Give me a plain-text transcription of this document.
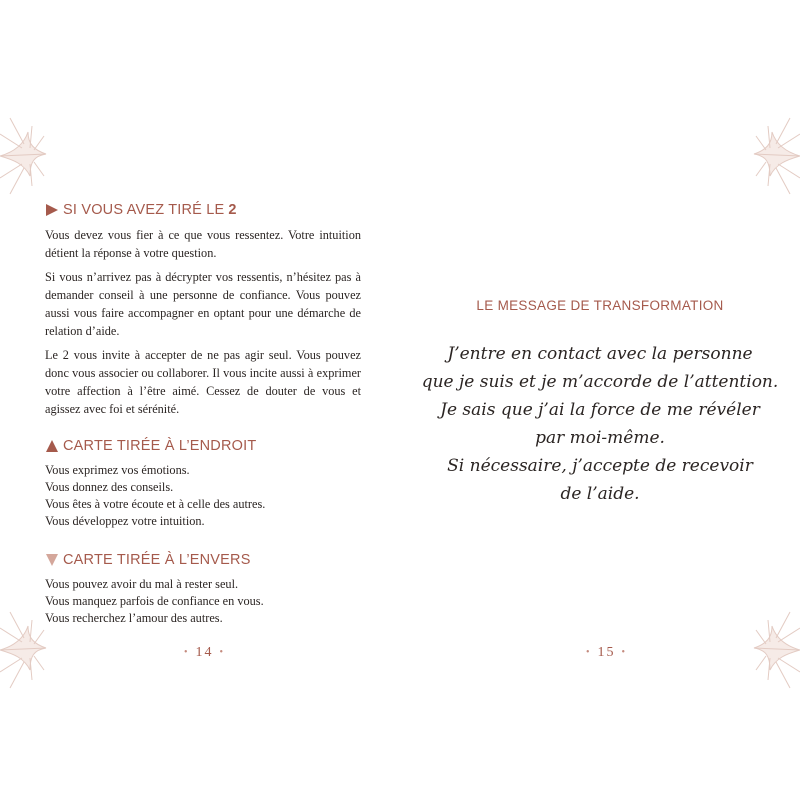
SI VOUS AVEZ TIRÉ LE 2

Vous devez vous fier à ce que vous ressentez. Votre intuition détient la réponse à votre question.

Si vous n’arrivez pas à décrypter vos ressentis, n’hésitez pas à demander conseil à une personne de confiance. Vous pouvez aussi vous faire accompagner en optant pour une démarche de relation d’aide.

Le 2 vous invite à accepter de ne pas agir seul. Vous pouvez donc vous associer ou collaborer. Il vous incite aussi à exprimer votre affection à l’être aimé. Cessez de douter de vous et agissez avec foi et sérénité.

CARTE TIRÉE À L’ENDROIT
Vous exprimez vos émotions.
Vous donnez des conseils.
Vous êtes à votre écoute et à celle des autres.
Vous développez votre intuition.
CARTE TIRÉE À L’ENVERS
Vous pouvez avoir du mal à rester seul.
Vous manquez parfois de confiance en vous.
Vous recherchez l’amour des autres.
• 14 •
LE MESSAGE DE TRANSFORMATION
J’entre en contact avec la personne
que je suis et je m’accorde de l’attention.
Je sais que j’ai la force de me révéler
par moi-même.
Si nécessaire, j’accepte de recevoir
de l’aide.
• 15 •
